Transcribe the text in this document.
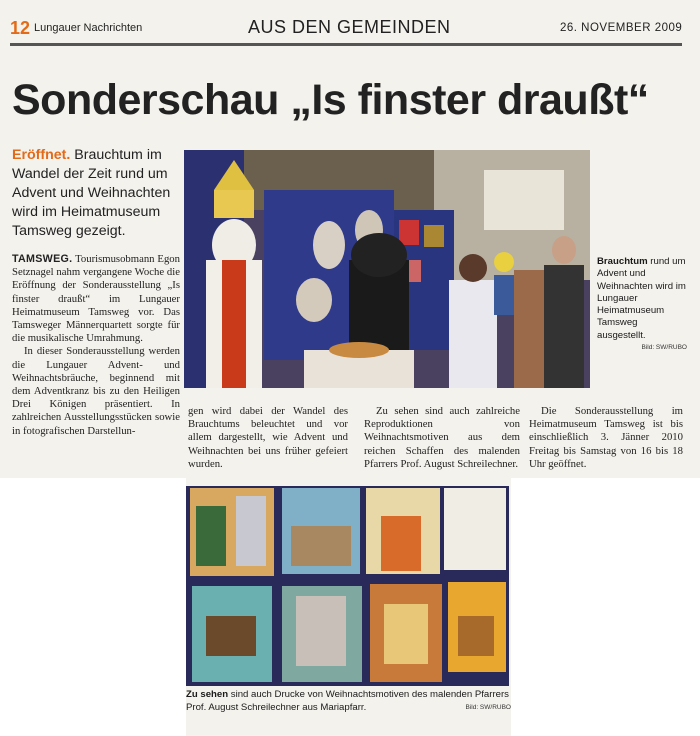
12 Lungauer Nachrichten	AUS DEN GEMEINDEN	26. NOVEMBER 2009
Sonderschau „Is finster draußt“
Eröffnet. Brauchtum im Wandel der Zeit rund um Advent und Weihnachten wird im Heimatmuseum Tamsweg gezeigt.

TAMSWEG. Tourismusobmann Egon Setznagel nahm vergangene Woche die Eröffnung der Sonderausstellung „Is finster draußt“ im Lungauer Heimatmuseum Tamsweg vor. Das Tamsweger Männerquartett sorgte für die musikalische Umrahmung.

In dieser Sonderausstellung werden die Lungauer Advent- und Weihnachtsbräuche, beginnend mit dem Adventkranz bis zu den Heiligen Drei Königen präsentiert. In zahlreichen Ausstellungsstücken sowie in fotografischen Darstellun-

Brauchtum rund um Advent und Weihnachten wird im Lungauer Heimatmuseum Tamsweg ausgestellt.
Bild: SW/RUBO

gen wird dabei der Wandel des Brauchtums beleuchtet und vor allem dargestellt, wie Advent und Weihnachten bei uns früher gefeiert wurden.

Zu sehen sind auch zahlreiche Reproduktionen von Weihnachtsmotiven aus dem reichen Schaffen des malenden Pfarrers Prof. August Schreilechner.

Die Sonderausstellung im Heimatmuseum Tamsweg ist bis einschließlich 3. Jänner 2010 Freitag bis Samstag von 16 bis 18 Uhr geöffnet.

Zu sehen sind auch Drucke von Weihnachtsmotiven des malenden Pfarrers Prof. August Schreilechner aus Mariapfarr.	Bild: SW/RUBO
